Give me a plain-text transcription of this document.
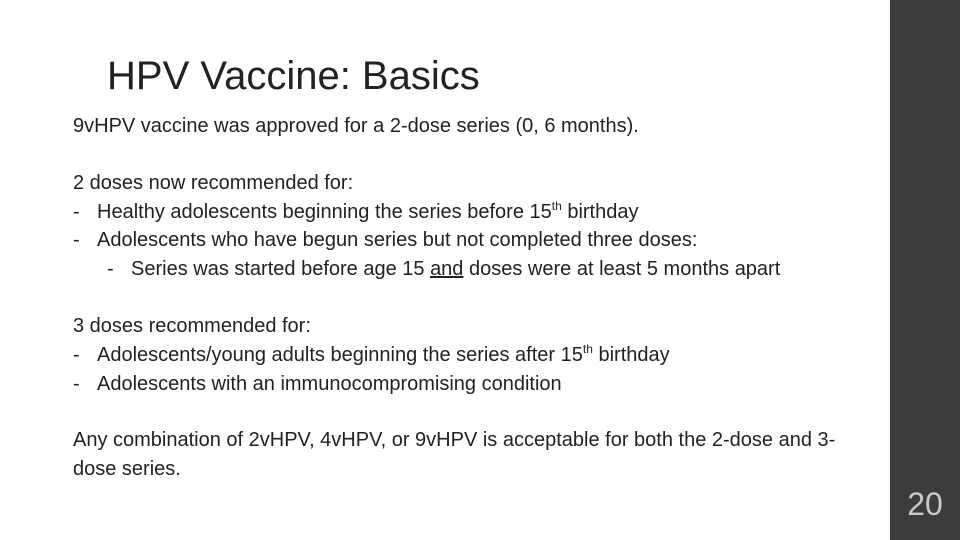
HPV Vaccine: Basics

9vHPV vaccine was approved for a 2-dose series (0, 6 months).

2 doses now recommended for:

- Healthy adolescents beginning the series before 15th birthday

- Adolescents who have begun series but not completed three doses:

- Series was started before age 15 and doses were at least 5 months apart

3 doses recommended for:

- Adolescents/young adults beginning the series after 15th birthday

- Adolescents with an immunocompromising condition

Any combination of 2vHPV, 4vHPV, or 9vHPV is acceptable for both the 2-dose and 3-dose series.

20
